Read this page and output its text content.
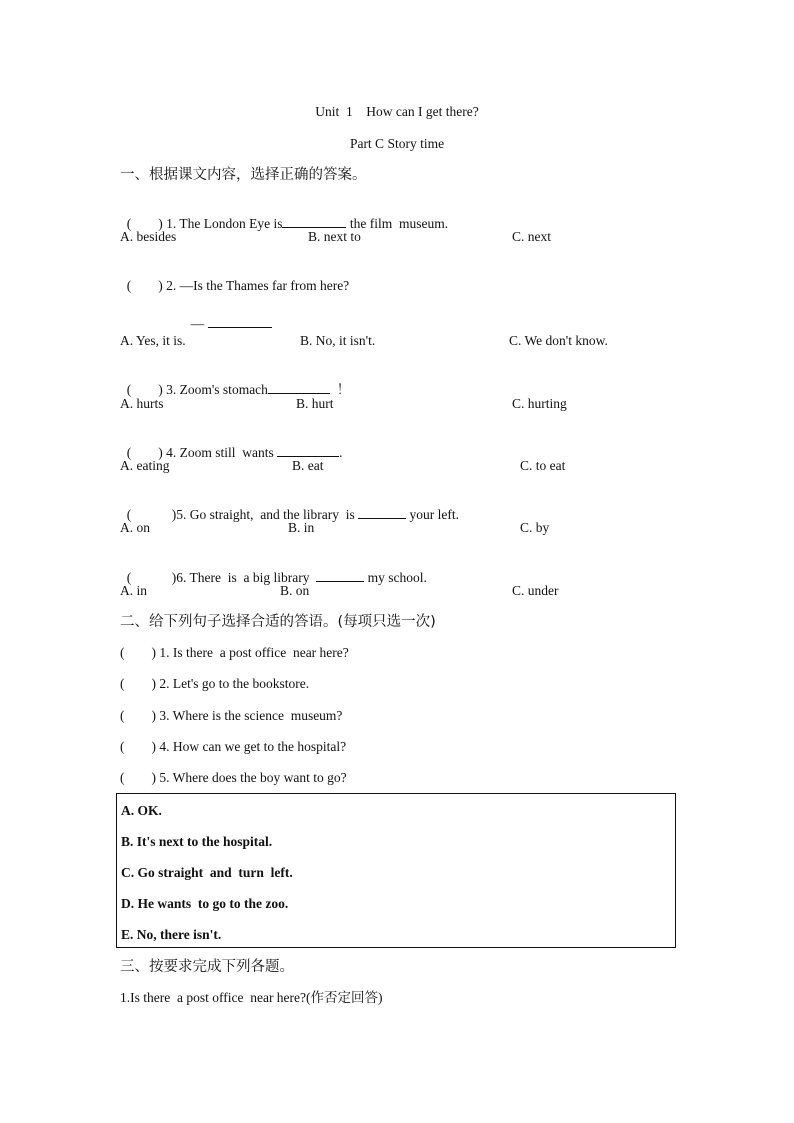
Unit  1    How can I get there?
Part C Story time
一、根据课文内容，选择正确的答案。

(        ) 1. The London Eye is	the film  museum.

A. besides	B. next to	C. next

(        ) 2. —Is the Thames far from here?

—

A. Yes, it is.	B. No, it isn't.	C. We don't know.

(        ) 3. Zoom's stomach	！

A. hurts	B. hurt	C. hurting

(        ) 4. Zoom still  wants	.

A. eating	B. eat	C. to eat

(            )5. Go straight,  and the library  is	your left.

A. on	B. in	C. by

(            )6. There  is  a big library	my school.

A. in	B. on	C. under
二、给下列句子选择合适的答语。(每项只选一次)
(        ) 1. Is there  a post office  near here?
(        ) 2. Let's go to the bookstore.
(        ) 3. Where is the science  museum?
(        ) 4. How can we get to the hospital?
(        ) 5. Where does the boy want to go?
A. OK.
B. It's next to the hospital.
C. Go straight  and  turn  left.
D. He wants  to go to the zoo.
E. No, there isn't.
三、按要求完成下列各题。
1.Is there  a post office  near here?(作否定回答)
